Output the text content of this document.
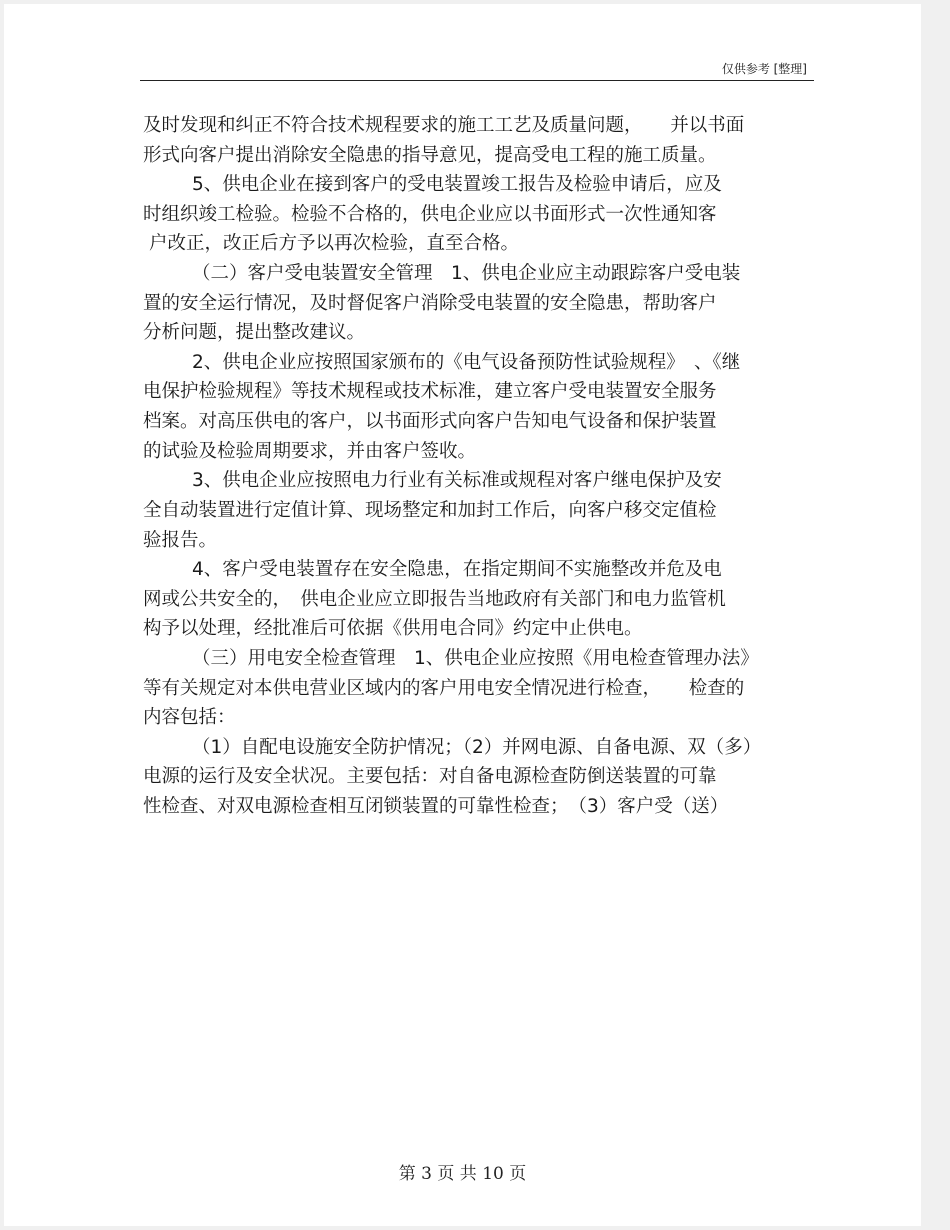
仅供参考 [整理]
及时发现和纠正不符合技术规程要求的施工工艺及质量问题，　　并以书面
形式向客户提出消除安全隐患的指导意见，提高受电工程的施工质量。
5、供电企业在接到客户的受电装置竣工报告及检验申请后，应及
时组织竣工检验。检验不合格的，供电企业应以书面形式一次性通知客
户改正，改正后方予以再次检验，直至合格。
（二）客户受电装置安全管理　1、供电企业应主动跟踪客户受电装
置的安全运行情况，及时督促客户消除受电装置的安全隐患，帮助客户
分析问题，提出整改建议。
2、供电企业应按照国家颁布的《电气设备预防性试验规程》　、《继
电保护检验规程》等技术规程或技术标准，建立客户受电装置安全服务
档案。对高压供电的客户，以书面形式向客户告知电气设备和保护装置
的试验及检验周期要求，并由客户签收。
3、供电企业应按照电力行业有关标准或规程对客户继电保护及安
全自动装置进行定值计算、现场整定和加封工作后，向客户移交定值检
验报告。
4、客户受电装置存在安全隐患，在指定期间不实施整改并危及电
网或公共安全的，　供电企业应立即报告当地政府有关部门和电力监管机
构予以处理，经批准后可依据《供用电合同》约定中止供电。
（三）用电安全检查管理　1、供电企业应按照《用电检查管理办法》
等有关规定对本供电营业区域内的客户用电安全情况进行检查，　　检查的
内容包括：
（1）自配电设施安全防护情况；（2）并网电源、自备电源、双（多）
电源的运行及安全状况。主要包括：对自备电源检查防倒送装置的可靠
性检查、对双电源检查相互闭锁装置的可靠性检查；　（3）客户受（送）
第 3 页 共 10 页
